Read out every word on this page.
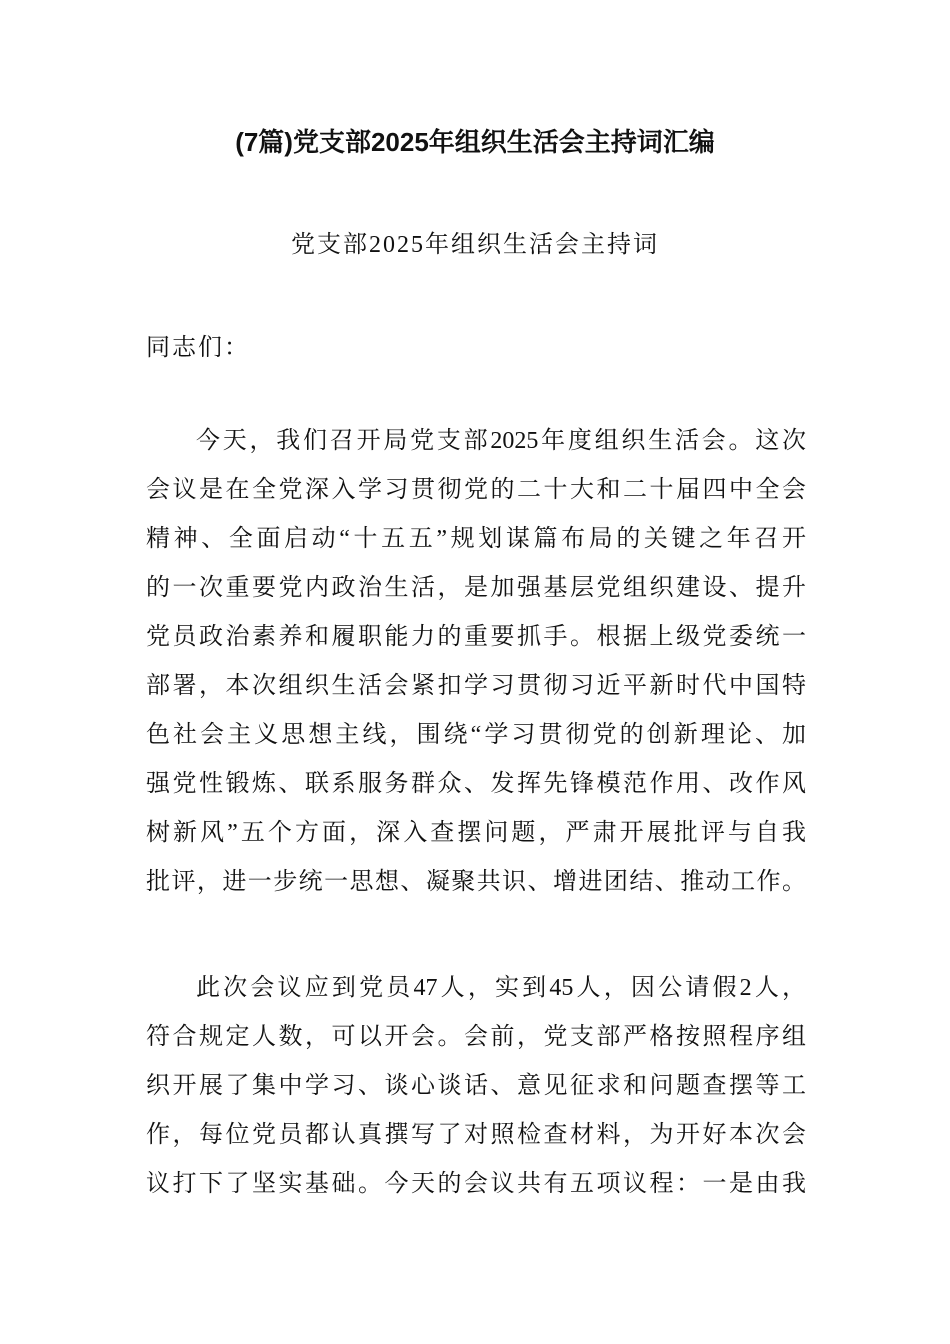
(7篇)党支部2025年组织生活会主持词汇编
党支部2025年组织生活会主持词
同志们：
今天，我们召开局党支部2025年度组织生活会。这次
会议是在全党深入学习贯彻党的二十大和二十届四中全会
精神、全面启动“十五五”规划谋篇布局的关键之年召开
的一次重要党内政治生活，是加强基层党组织建设、提升
党员政治素养和履职能力的重要抓手。根据上级党委统一
部署，本次组织生活会紧扣学习贯彻习近平新时代中国特
色社会主义思想主线，围绕“学习贯彻党的创新理论、加
强党性锻炼、联系服务群众、发挥先锋模范作用、改作风
树新风”五个方面，深入查摆问题，严肃开展批评与自我
批评，进一步统一思想、凝聚共识、增进团结、推动工作。
此次会议应到党员47人，实到45人，因公请假2人，
符合规定人数，可以开会。会前，党支部严格按照程序组
织开展了集中学习、谈心谈话、意见征求和问题查摆等工
作，每位党员都认真撰写了对照检查材料，为开好本次会
议打下了坚实基础。今天的会议共有五项议程：一是由我
